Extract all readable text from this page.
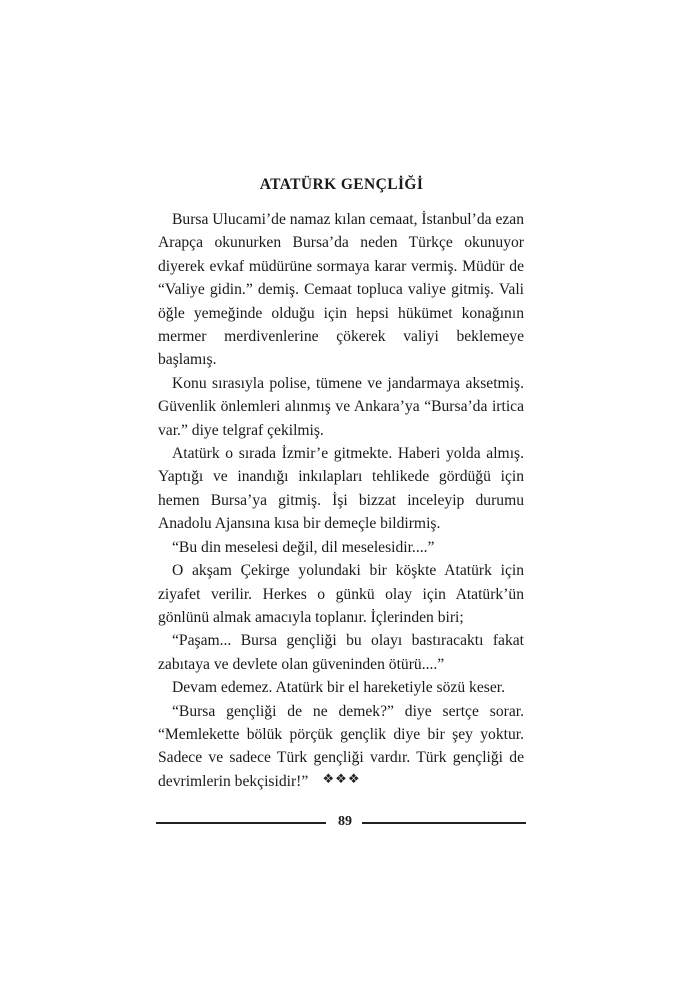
ATATÜRK GENÇLİĞİ

Bursa Ulucami’de namaz kılan cemaat, İstanbul’da ezan Arapça okunurken Bursa’da neden Türkçe okunuyor diyerek evkaf müdürüne sormaya karar vermiş. Müdür de “Valiye gidin.” demiş. Cemaat topluca valiye gitmiş. Vali öğle yemeğinde olduğu için hepsi hükümet konağının mermer merdivenlerine çökerek valiyi beklemeye başlamış.

Konu sırasıyla polise, tümene ve jandarmaya aksetmiş. Güvenlik önlemleri alınmış ve Ankara’ya “Bursa’da irtica var.” diye telgraf çekilmiş.

Atatürk o sırada İzmir’e gitmekte. Haberi yolda almış. Yaptığı ve inandığı inkılapları tehlikede gördüğü için hemen Bursa’ya gitmiş. İşi bizzat inceleyip durumu Anadolu Ajansına kısa bir demeçle bildirmiş.

“Bu din meselesi değil, dil meselesidir....”

O akşam Çekirge yolundaki bir köşkte Atatürk için ziyafet verilir. Herkes o günkü olay için Atatürk’ün gönlünü almak amacıyla toplanır. İçlerinden biri;

“Paşam... Bursa gençliği bu olayı bastıracaktı fakat zabıtaya ve devlete olan güveninden ötürü....”

Devam edemez. Atatürk bir el hareketiyle sözü keser.

“Bursa gençliği de ne demek?” diye sertçe sorar. “Memlekette bölük pörçük gençlik diye bir şey yoktur. Sadece ve sadece Türk gençliği vardır. Türk gençliği de devrimlerin bekçisidir!”	❖❖❖
89
